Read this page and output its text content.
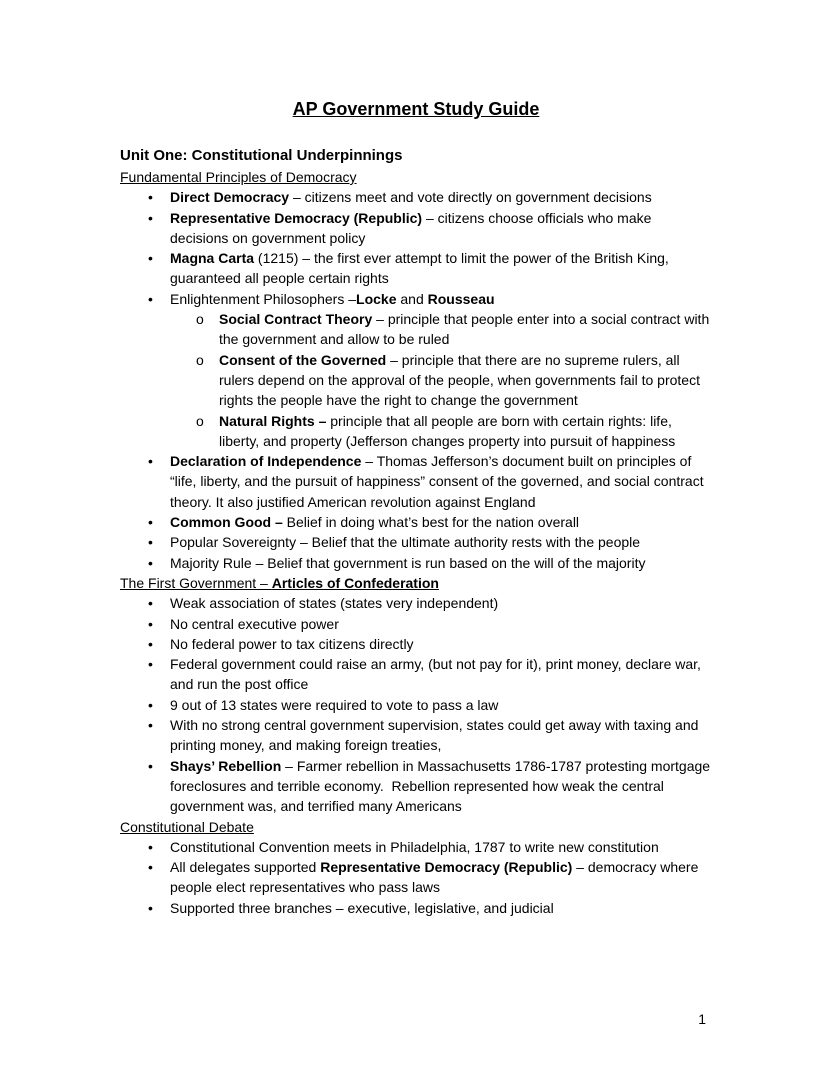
AP Government Study Guide
Unit One: Constitutional Underpinnings
Fundamental Principles of Democracy
• Direct Democracy – citizens meet and vote directly on government decisions
• Representative Democracy (Republic) – citizens choose officials who make decisions on government policy
• Magna Carta (1215) – the first ever attempt to limit the power of the British King, guaranteed all people certain rights
• Enlightenment Philosophers –Locke and Rousseau
o Social Contract Theory – principle that people enter into a social contract with the government and allow to be ruled
o Consent of the Governed – principle that there are no supreme rulers, all rulers depend on the approval of the people, when governments fail to protect rights the people have the right to change the government
o Natural Rights – principle that all people are born with certain rights: life, liberty, and property (Jefferson changes property into pursuit of happiness
• Declaration of Independence – Thomas Jefferson’s document built on principles of “life, liberty, and the pursuit of happiness” consent of the governed, and social contract theory. It also justified American revolution against England
• Common Good – Belief in doing what’s best for the nation overall
• Popular Sovereignty – Belief that the ultimate authority rests with the people
• Majority Rule – Belief that government is run based on the will of the majority
The First Government – Articles of Confederation
• Weak association of states (states very independent)
• No central executive power
• No federal power to tax citizens directly
• Federal government could raise an army, (but not pay for it), print money, declare war, and run the post office
• 9 out of 13 states were required to vote to pass a law
• With no strong central government supervision, states could get away with taxing and printing money, and making foreign treaties,
• Shays’ Rebellion – Farmer rebellion in Massachusetts 1786-1787 protesting mortgage foreclosures and terrible economy.  Rebellion represented how weak the central government was, and terrified many Americans
Constitutional Debate
• Constitutional Convention meets in Philadelphia, 1787 to write new constitution
• All delegates supported Representative Democracy (Republic) – democracy where people elect representatives who pass laws
• Supported three branches – executive, legislative, and judicial
1
